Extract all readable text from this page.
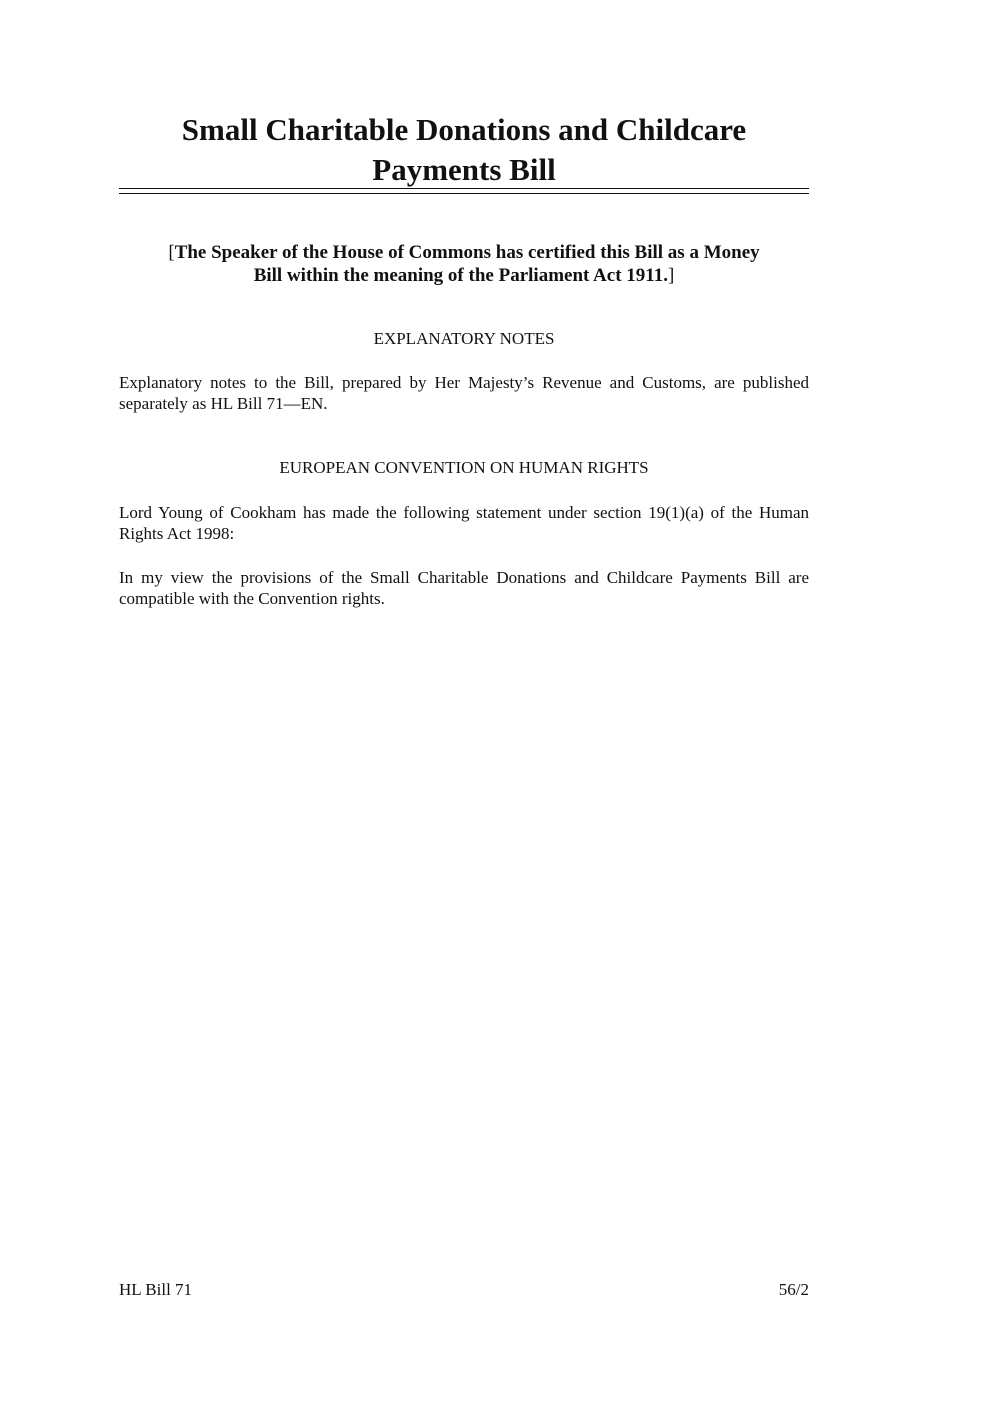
Small Charitable Donations and Childcare
Payments Bill

[The Speaker of the House of Commons has certified this Bill as a Money
Bill within the meaning of the Parliament Act 1911.]

EXPLANATORY NOTES

Explanatory notes to the Bill, prepared by Her Majesty’s Revenue and Customs, are published separately as HL Bill 71—EN.

EUROPEAN CONVENTION ON HUMAN RIGHTS

Lord Young of Cookham has made the following statement under section 19(1)(a) of the Human Rights Act 1998:

In my view the provisions of the Small Charitable Donations and Childcare Payments Bill are compatible with the Convention rights.

HL Bill 71	56/2
